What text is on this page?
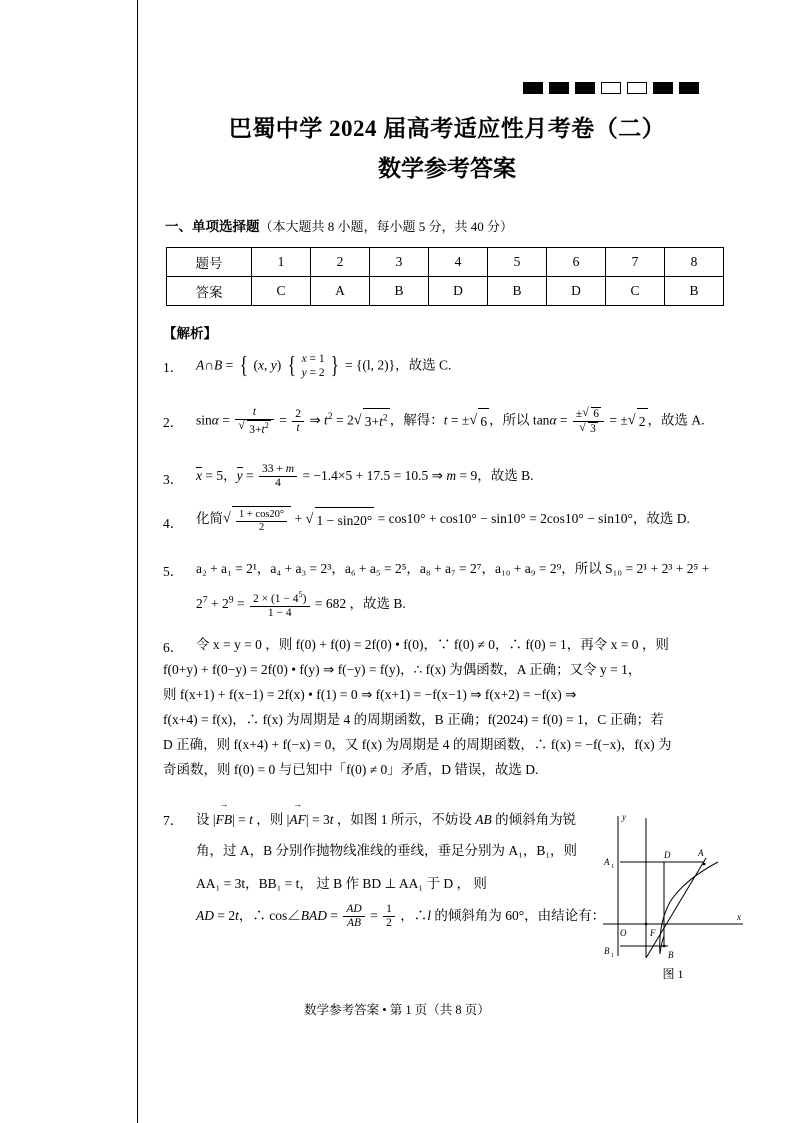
巴蜀中学 2024 届高考适应性月考卷（二）
数学参考答案
一、单项选择题（本大题共 8 小题，每小题 5 分，共 40 分）
题号	1	2	3	4	5	6	7	8
答案	C	A	B	D	B	D	C	B
【解析】
1． A∩B = { (x, y) { x = 1
y = 2 } = {(l, 2)}，故选 C.
2． sinα = t
√ $3+t^2 = \frac{2}{t}$ ⇒ $t^2 = 2$ √ $3+t^2$ ，解得：t = ± √ 6 ，所以 tanα = ± √ 6
√ 3 = ± √ 2 ，故选 A.
3． x = 5，$y = \frac{33 + m}{4} = -1.4\times 5 + 17.5 = 10.5$ ⇒ m = 9，故选 B.
4． 化简 √ $\frac{1 + \cos 20^\circ}{2}$ + √ 1 − sin20° = cos10° + cos10° − sin10° = 2cos10° − sin10°，故选 D.
5． a₂ + a₁ = 2¹，a₄ + a₃ = 2³，a₆ + a₅ = 2⁵，a₈ + a₇ = 2⁷，a₁₀ + a₉ = 2⁹，所以 S₁₀ = 2¹ + 2³ + 2⁵ +
$2^7 + 2^9 = \frac{2 \times (1 - 4^5)}{1 - 4} = 682$ ，故选 B.
6． 令 x = y = 0 ，则 f(0) + f(0) = 2f(0) • f(0)，∵ f(0) ≠ 0，∴ f(0) = 1，再令 x = 0 ，则
f(0+y) + f(0−y) = 2f(0) • f(y) ⇒ f(−y) = f(y)，∴ f(x) 为偶函数，A 正确；又令 y = 1，
则 f(x+1) + f(x−1) = 2f(x) • f(1) = 0 ⇒ f(x+1) = −f(x−1) ⇒ f(x+2) = −f(x) ⇒
f(x+4) = f(x)，∴ f(x) 为周期是 4 的周期函数，B 正确；f(2024) = f(0) = 1，C 正确；若
D 正确，则 f(x+4) + f(−x) = 0，又 f(x) 为周期是 4 的周期函数，∴ f(x) = −f(−x)，f(x) 为
奇函数，则 f(0) = 0 与已知中「f(0) ≠ 0」矛盾，D 错误，故选 D.
7． 设 |→ FB| = t ，则 |→ AF| = 3t ，如图 1 所示，不妨设 AB 的倾斜角为锐
角，过 A，B 分别作抛物线准线的垂线，垂足分别为 A₁，B₁，则
AA₁ = 3t，BB₁ = t， 过 B 作 BD ⊥ AA₁ 于 D ， 则
AD = 2t，∴ cos∠BAD = $\frac{AD}{AB} = \frac{1}{2}$ ，∴l 的倾斜角为 60°，由结论有：
y
x
A
A 1
D
B
B 1
O	F
图 1
数学参考答案 • 第 1 页（共 8 页）
